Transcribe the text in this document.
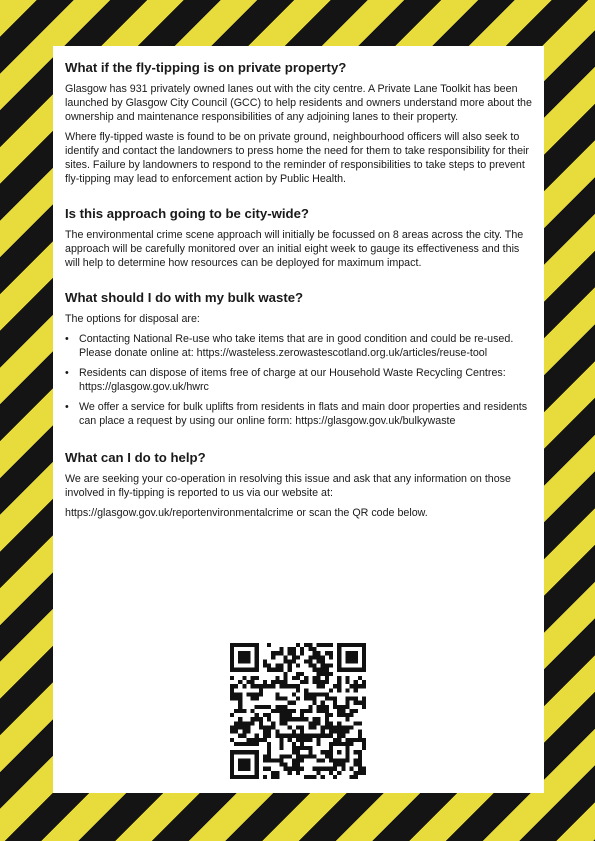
What if the fly-tipping is on private property?

Glasgow has 931 privately owned lanes out with the city centre. A Private Lane Toolkit has been launched by Glasgow City Council (GCC) to help residents and owners understand more about the ownership and maintenance responsibilities of any adjoining lanes to their property.

Where fly-tipped waste is found to be on private ground, neighbourhood officers will also seek to identify and contact the landowners to press home the need for them to take responsibility for their sites. Failure by landowners to respond to the reminder of responsibilities to take steps to prevent fly-tipping may lead to enforcement action by Public Health.

Is this approach going to be city-wide?

The environmental crime scene approach will initially be focussed on 8 areas across the city. The approach will be carefully monitored over an initial eight week to gauge its effectiveness and this will help to determine how resources can be deployed for maximum impact.

What should I do with my bulk waste?

The options for disposal are:

• Contacting National Re-use who take items that are in good condition and could be re-used. Please donate online at: https://wasteless.zerowastescotland.org.uk/articles/reuse-tool
• Residents can dispose of items free of charge at our Household Waste Recycling Centres: https://glasgow.gov.uk/hwrc
• We offer a service for bulk uplifts from residents in flats and main door properties and residents can place a request by using our online form: https://glasgow.gov.uk/bulkywaste
What can I do to help?

We are seeking your co-operation in resolving this issue and ask that any information on those involved in fly-tipping is reported to us via our website at:

https://glasgow.gov.uk/reportenvironmentalcrime or scan the QR code below.
